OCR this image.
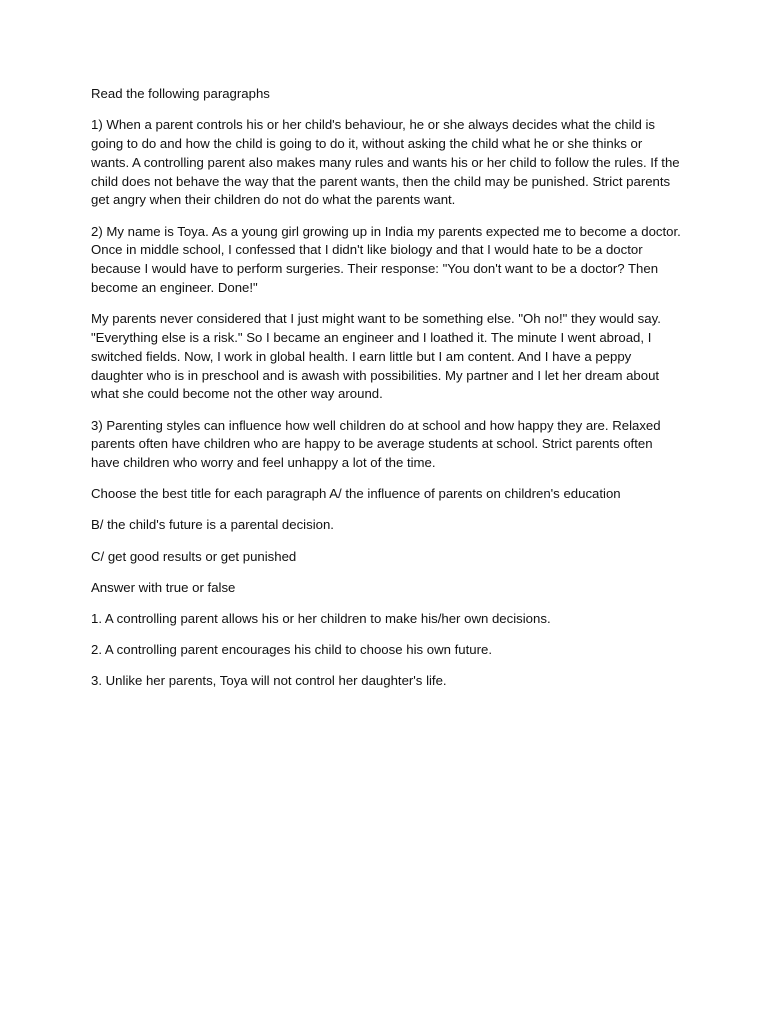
Read the following paragraphs

1) When a parent controls his or her child's behaviour, he or she always decides what the child is going to do and how the child is going to do it, without asking the child what he or she thinks or wants. A controlling parent also makes many rules and wants his or her child to follow the rules. If the child does not behave the way that the parent wants, then the child may be punished. Strict parents get angry when their children do not do what the parents want.

2) My name is Toya. As a young girl growing up in India my parents expected me to become a doctor. Once in middle school, I confessed that I didn't like biology and that I would hate to be a doctor because I would have to perform surgeries. Their response: "You don't want to be a doctor? Then become an engineer. Done!"

My parents never considered that I just might want to be something else. "Oh no!" they would say. "Everything else is a risk." So I became an engineer and I loathed it. The minute I went abroad, I switched fields. Now, I work in global health. I earn little but I am content. And I have a peppy daughter who is in preschool and is awash with possibilities. My partner and I let her dream about what she could become not the other way around.

3) Parenting styles can influence how well children do at school and how happy they are. Relaxed parents often have children who are happy to be average students at school. Strict parents often have children who worry and feel unhappy a lot of the time.

Choose the best title for each paragraph A/ the influence of parents on children's education

B/ the child's future is a parental decision.

C/ get good results or get punished

Answer with true or false

1. A controlling parent allows his or her children to make his/her own decisions.

2. A controlling parent encourages his child to choose his own future.

3. Unlike her parents, Toya will not control her daughter's life.
